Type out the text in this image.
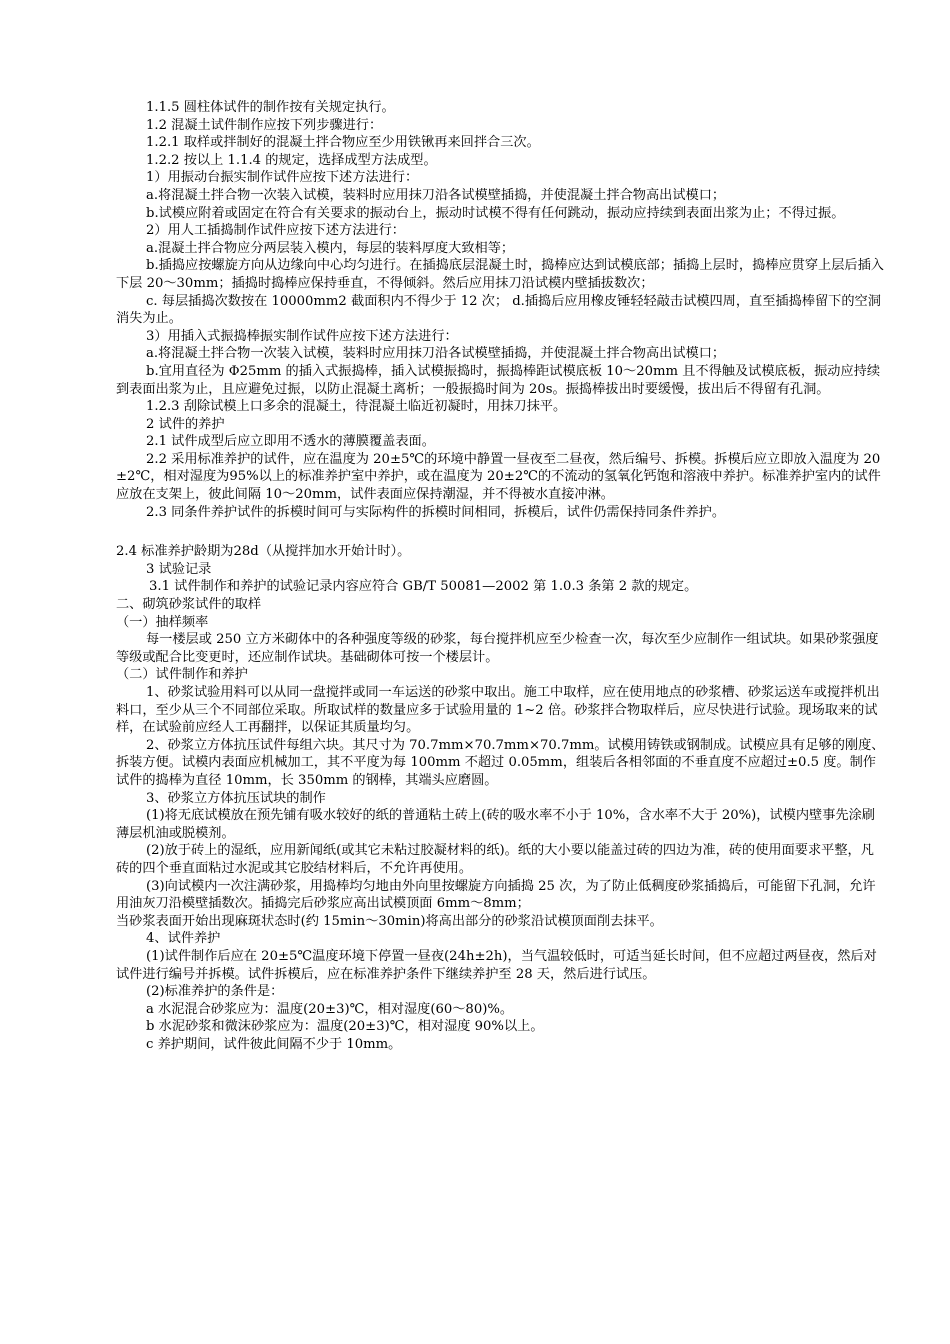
1.1.5 圆柱体试件的制作按有关规定执行。

1.2 混凝土试件制作应按下列步骤进行：

1.2.1 取样或拌制好的混凝土拌合物应至少用铁锹再来回拌合三次。

1.2.2 按以上 1.1.4 的规定，选择成型方法成型。

1）用振动台振实制作试件应按下述方法进行：

a.将混凝土拌合物一次装入试模，装料时应用抹刀沿各试模壁插捣，并使混凝土拌合物高出试模口；

b.试模应附着或固定在符合有关要求的振动台上，振动时试模不得有任何跳动，振动应持续到表面出浆为止；不得过振。

2）用人工插捣制作试件应按下述方法进行：

a.混凝土拌合物应分两层装入模内，每层的装料厚度大致相等；

b.插捣应按螺旋方向从边缘向中心均匀进行。在插捣底层混凝土时，捣棒应达到试模底部；插捣上层时，捣棒应贯穿上层后插入下层 20～30mm；插捣时捣棒应保持垂直，不得倾斜。然后应用抹刀沿试模内壁插拔数次；

c. 每层插捣次数按在 10000mm2 截面积内不得少于 12 次； d.插捣后应用橡皮锤轻轻敲击试模四周，直至插捣棒留下的空洞消失为止。

3）用插入式振捣棒振实制作试件应按下述方法进行：

a.将混凝土拌合物一次装入试模，装料时应用抹刀沿各试模壁插捣，并使混凝土拌合物高出试模口；

b.宜用直径为 Φ25mm 的插入式振捣棒，插入试模振捣时，振捣棒距试模底板 10～20mm 且不得触及试模底板，振动应持续到表面出浆为止，且应避免过振，以防止混凝土离析；一般振捣时间为 20s。振捣棒拔出时要缓慢，拔出后不得留有孔洞。

1.2.3 刮除试模上口多余的混凝土，待混凝土临近初凝时，用抹刀抹平。

2 试件的养护

2.1 试件成型后应立即用不透水的薄膜覆盖表面。

2.2 采用标准养护的试件，应在温度为 20±5℃的环境中静置一昼夜至二昼夜，然后编号、拆模。拆模后应立即放入温度为 20±2℃，相对湿度为95%以上的标准养护室中养护，或在温度为 20±2℃的不流动的氢氧化钙饱和溶液中养护。标准养护室内的试件应放在支架上，彼此间隔 10～20mm，试件表面应保持潮湿，并不得被水直接冲淋。

2.3 同条件养护试件的拆模时间可与实际构件的拆模时间相同，拆模后，试件仍需保持同条件养护。

2.4 标准养护龄期为28d（从搅拌加水开始计时）。

3 试验记录

3.1 试件制作和养护的试验记录内容应符合 GB/T 50081—2002 第 1.0.3 条第 2 款的规定。

二、砌筑砂浆试件的取样

（一）抽样频率

每一楼层或 250 立方米砌体中的各种强度等级的砂浆，每台搅拌机应至少检查一次，每次至少应制作一组试块。如果砂浆强度等级或配合比变更时，还应制作试块。基础砌体可按一个楼层计。

（二）试件制作和养护

1、砂浆试验用料可以从同一盘搅拌或同一车运送的砂浆中取出。施工中取样，应在使用地点的砂浆槽、砂浆运送车或搅拌机出料口，至少从三个不同部位采取。所取试样的数量应多于试验用量的 1~2 倍。砂浆拌合物取样后，应尽快进行试验。现场取来的试样，在试验前应经人工再翻拌，以保证其质量均匀。

2、砂浆立方体抗压试件每组六块。其尺寸为 70.7mm×70.7mm×70.7mm。试模用铸铁或钢制成。试模应具有足够的刚度、拆装方便。试模内表面应机械加工，其不平度为每 100mm 不超过 0.05mm，组装后各相邻面的不垂直度不应超过±0.5 度。制作试件的捣棒为直径 10mm，长 350mm 的钢棒，其端头应磨圆。

3、砂浆立方体抗压试块的制作

(1)将无底试模放在预先铺有吸水较好的纸的普通粘土砖上(砖的吸水率不小于 10%，含水率不大于 20%)，试模内壁事先涂刷薄层机油或脱模剂。

(2)放于砖上的湿纸，应用新闻纸(或其它未粘过胶凝材料的纸)。纸的大小要以能盖过砖的四边为准，砖的使用面要求平整，凡砖的四个垂直面粘过水泥或其它胶结材料后，不允许再使用。

(3)向试模内一次注满砂浆，用捣棒均匀地由外向里按螺旋方向插捣 25 次，为了防止低稠度砂浆插捣后，可能留下孔洞，允许用油灰刀沿模壁插数次。插捣完后砂浆应高出试模顶面 6mm～8mm；

当砂浆表面开始出现麻斑状态时(约 15min～30min)将高出部分的砂浆沿试模顶面削去抹平。

4、试件养护

(1)试件制作后应在 20±5℃温度环境下停置一昼夜(24h±2h)，当气温较低时，可适当延长时间，但不应超过两昼夜，然后对试件进行编号并拆模。试件拆模后，应在标准养护条件下继续养护至 28 天，然后进行试压。

(2)标准养护的条件是：

a 水泥混合砂浆应为：温度(20±3)℃，相对湿度(60～80)%。

b 水泥砂浆和微沫砂浆应为：温度(20±3)℃，相对湿度 90%以上。

c 养护期间，试件彼此间隔不少于 10mm。
